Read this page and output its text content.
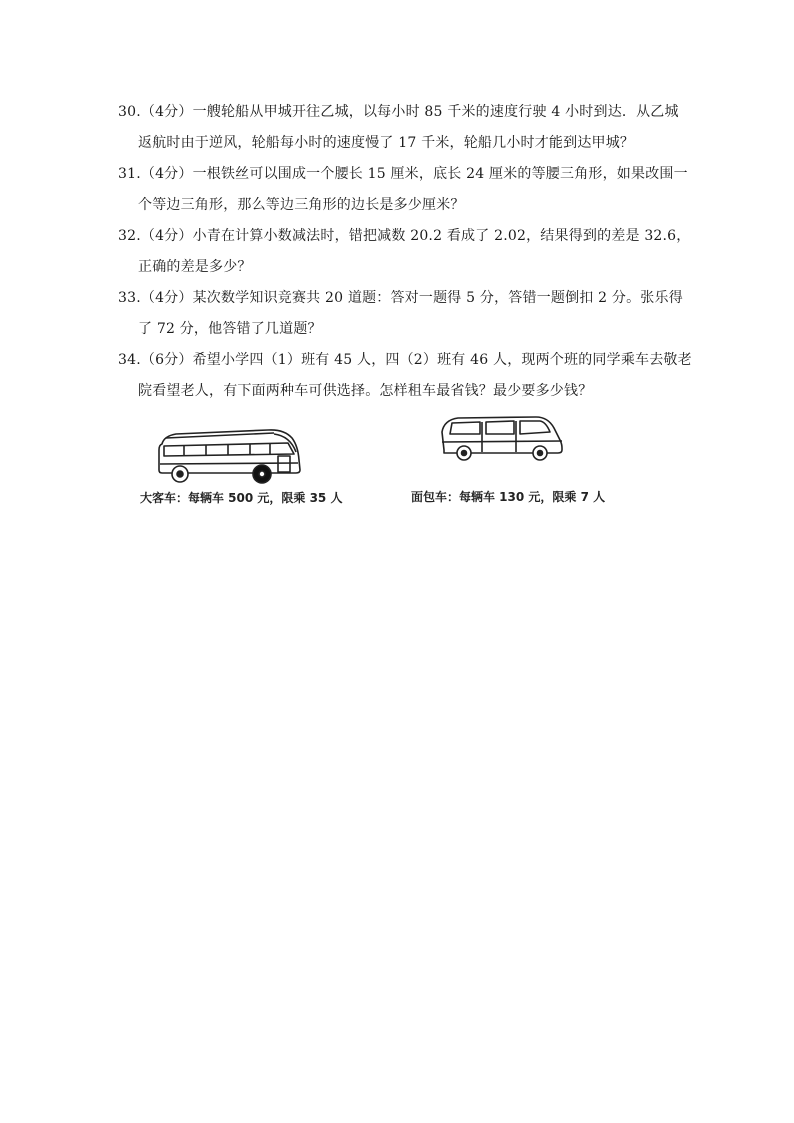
30.（4分）一艘轮船从甲城开往乙城，以每小时 85 千米的速度行驶 4 小时到达．从乙城
返航时由于逆风，轮船每小时的速度慢了 17 千米，轮船几小时才能到达甲城？
31.（4分）一根铁丝可以围成一个腰长 15 厘米，底长 24 厘米的等腰三角形，如果改围一
个等边三角形，那么等边三角形的边长是多少厘米？
32.（4分）小青在计算小数减法时，错把减数 20.2 看成了 2.02，结果得到的差是 32.6，
正确的差是多少？
33.（4分）某次数学知识竞赛共 20 道题：答对一题得 5 分，答错一题倒扣 2 分。张乐得
了 72 分，他答错了几道题？
34.（6分）希望小学四（1）班有 45 人，四（2）班有 46 人，现两个班的同学乘车去敬老
院看望老人，有下面两种车可供选择。怎样租车最省钱？最少要多少钱？
大客车：每辆车 500 元，限乘 35 人	面包车：每辆车 130 元，限乘 7 人
